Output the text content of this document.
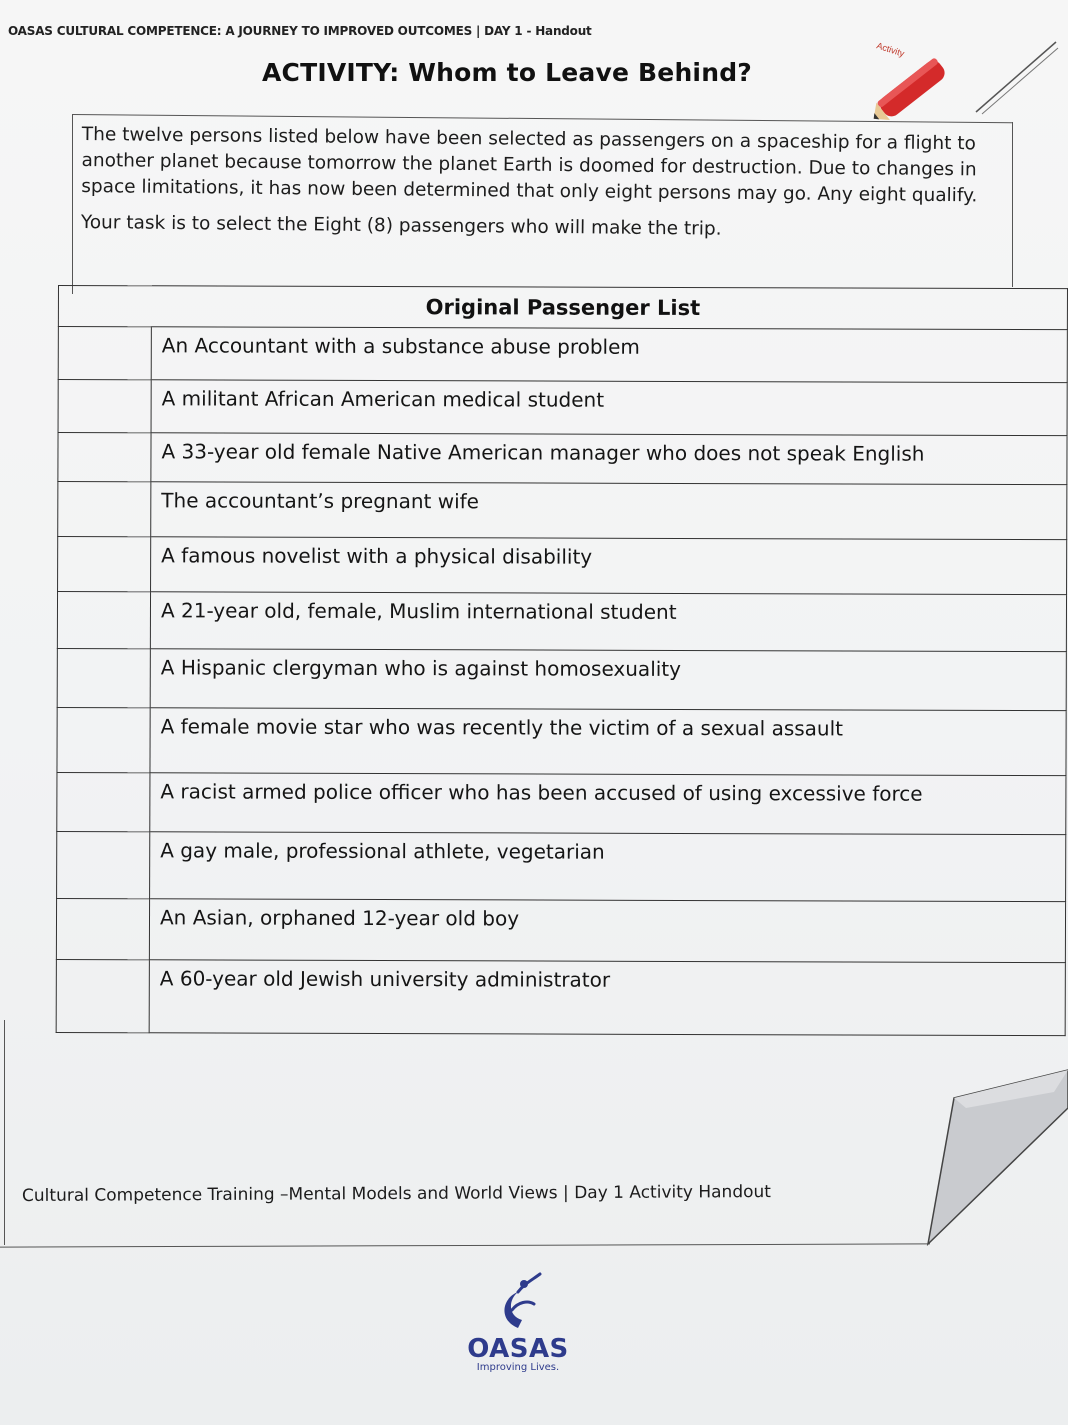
OASAS CULTURAL COMPETENCE: A JOURNEY TO IMPROVED OUTCOMES | DAY 1 - Handout
Activity
ACTIVITY: Whom to Leave Behind?

The twelve persons listed below have been selected as passengers on a spaceship for a flight to another planet because tomorrow the planet Earth is doomed for destruction. Due to changes in space limitations, it has now been determined that only eight persons may go. Any eight qualify.

Your task is to select the Eight (8) passengers who will make the trip.

Original Passenger List	
	An Accountant with a substance abuse problem
	A militant African American medical student
	A 33-year old female Native American manager who does not speak English
	The accountant’s pregnant wife
	A famous novelist with a physical disability
	A 21-year old, female, Muslim international student
	A Hispanic clergyman who is against homosexuality
	A female movie star who was recently the victim of a sexual assault
	A racist armed police officer who has been accused of using excessive force
	A gay male, professional athlete, vegetarian
	An Asian, orphaned 12-year old boy
	A 60-year old Jewish university administrator
Cultural Competence Training –Mental Models and World Views | Day 1 Activity Handout
OASAS
Improving Lives.
